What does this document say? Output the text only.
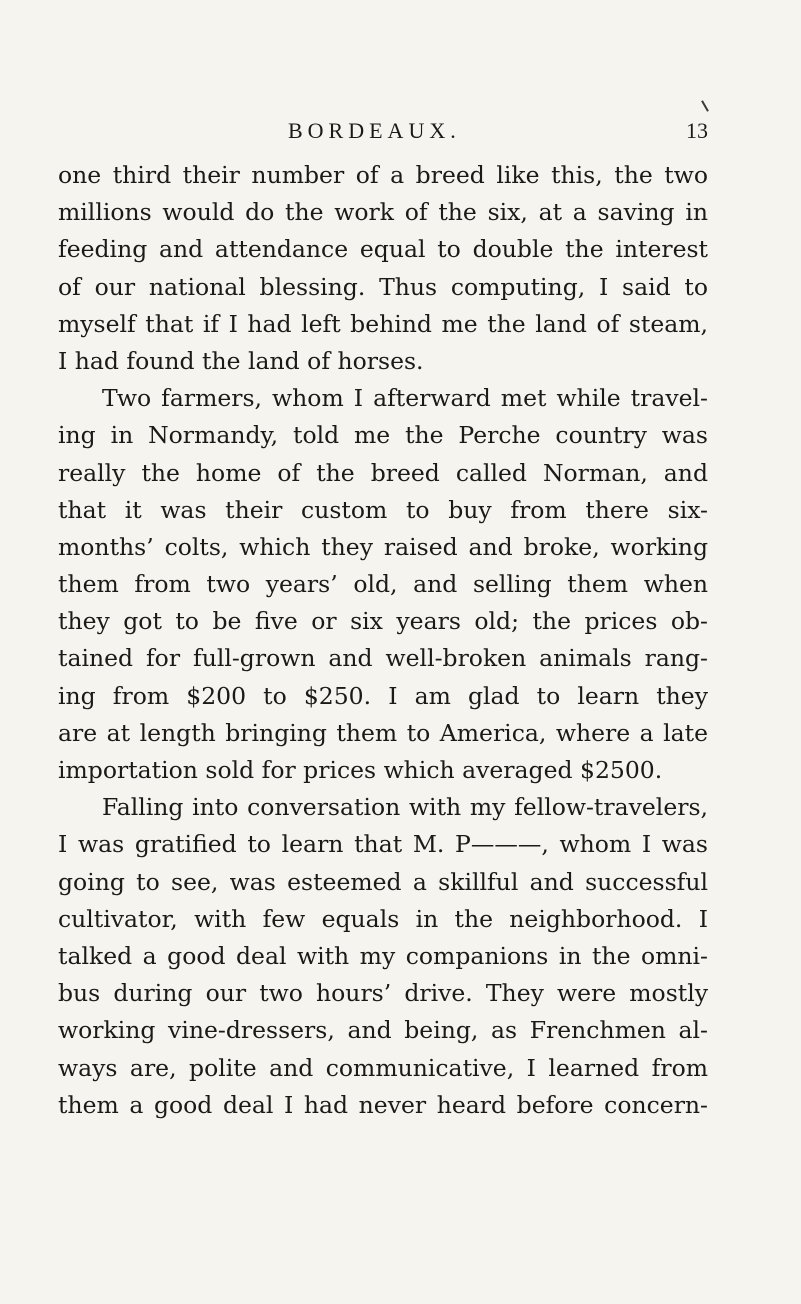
BORDEAUX.	13
one third their number of a breed like this, the two
millions would do the work of the six, at a saving in
feeding and attendance equal to double the interest
of our national blessing. Thus computing, I said to
myself that if I had left behind me the land of steam,
I had found the land of horses.
Two farmers, whom I afterward met while travel-
ing in Normandy, told me the Perche country was
really the home of the breed called Norman, and
that it was their custom to buy from there six-
months’ colts, which they raised and broke, working
them from two years’ old, and selling them when
they got to be five or six years old; the prices ob-
tained for full-grown and well-broken animals rang-
ing from $200 to $250. I am glad to learn they
are at length bringing them to America, where a late
importation sold for prices which averaged $2500.
Falling into conversation with my fellow-travelers,
I was gratified to learn that M. P———, whom I was
going to see, was esteemed a skillful and successful
cultivator, with few equals in the neighborhood. I
talked a good deal with my companions in the omni-
bus during our two hours’ drive. They were mostly
working vine-dressers, and being, as Frenchmen al-
ways are, polite and communicative, I learned from
them a good deal I had never heard before concern-
